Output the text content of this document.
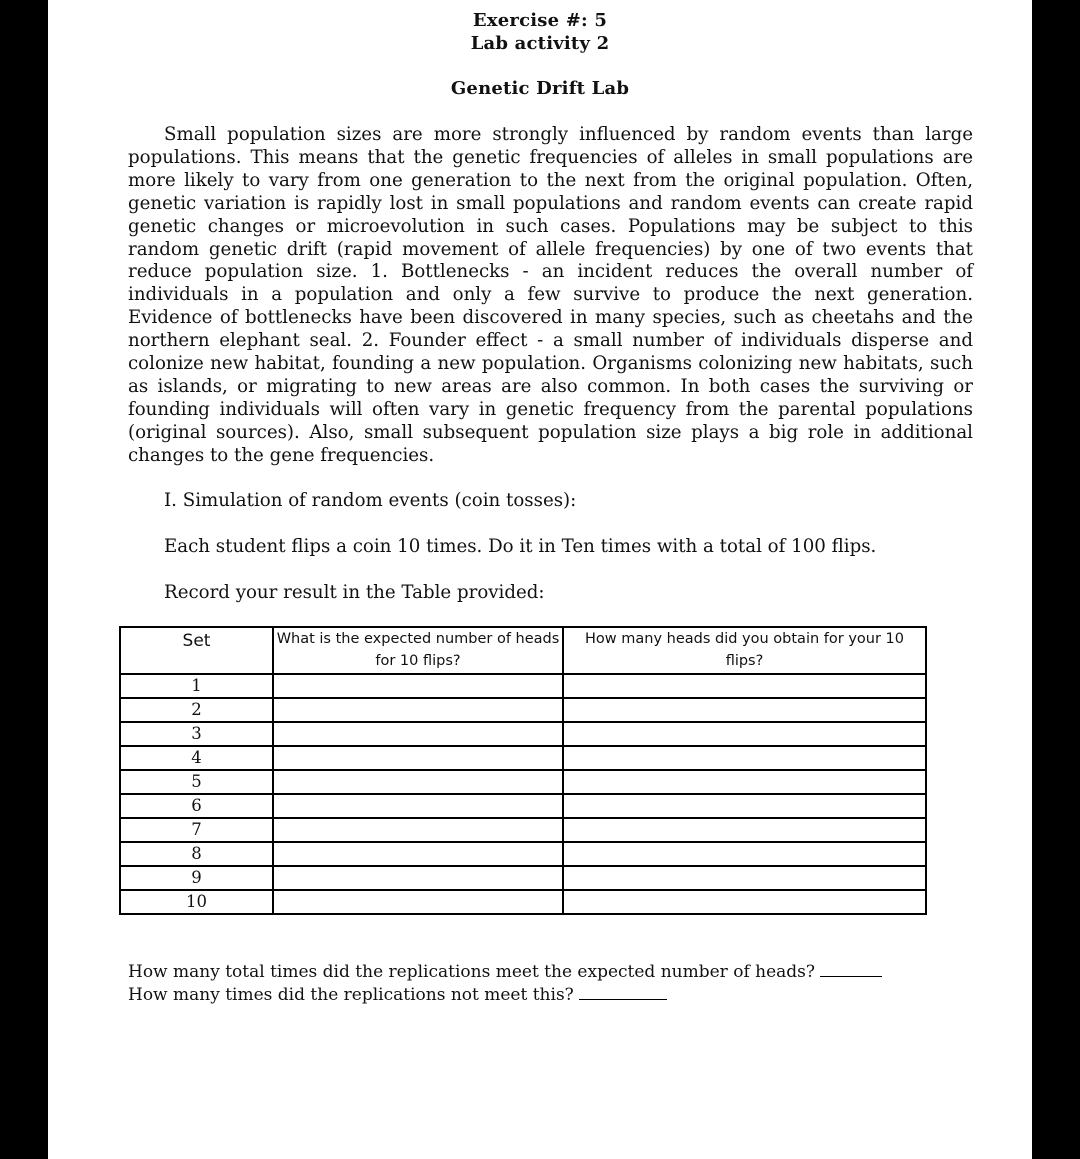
Exercise #: 5

Lab activity 2

Genetic Drift Lab

Small population sizes are more strongly influenced by random events than large populations. This means that the genetic frequencies of alleles in small populations are more likely to vary from one generation to the next from the original population. Often, genetic variation is rapidly lost in small populations and random events can create rapid genetic changes or microevolution in such cases. Populations may be subject to this random genetic drift (rapid movement of allele frequencies) by one of two events that reduce population size. 1. Bottlenecks - an incident reduces the overall number of individuals in a population and only a few survive to produce the next generation. Evidence of bottlenecks have been discovered in many species, such as cheetahs and the northern elephant seal. 2. Founder effect - a small number of individuals disperse and colonize new habitat, founding a new population. Organisms colonizing new habitats, such as islands, or migrating to new areas are also common. In both cases the surviving or founding individuals will often vary in genetic frequency from the parental populations (original sources). Also, small subsequent population size plays a big role in additional changes to the gene frequencies.

I. Simulation of random events (coin tosses):

Each student flips a coin 10 times. Do it in Ten times with a total of 100 flips.

Record your result in the Table provided:

Set	What is the expected number of heads for 10 flips?	How many heads did you obtain for your 10 flips?
1		
2		
3		
4		
5		
6		
7		
8		
9		
10		
How many total times did the replications meet the expected number of heads?
How many times did the replications not meet this?
